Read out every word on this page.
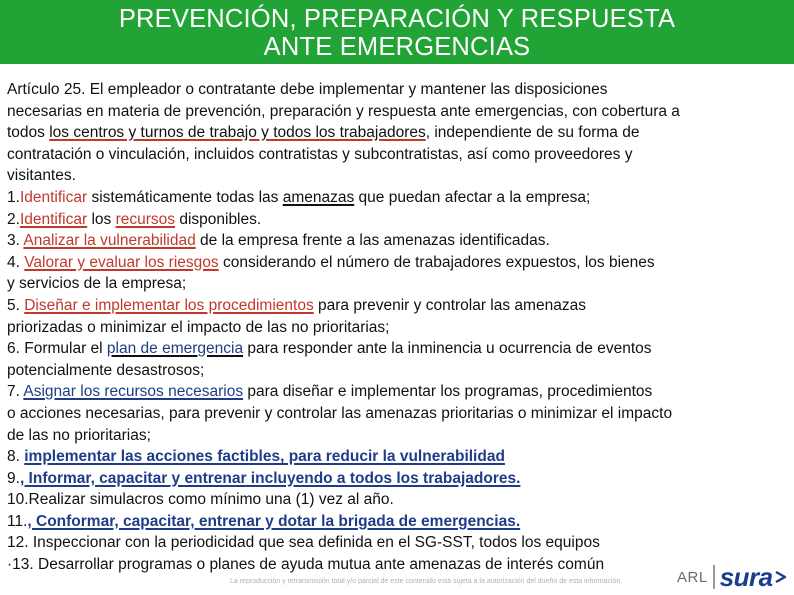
PREVENCIÓN, PREPARACIÓN Y RESPUESTA
ANTE EMERGENCIAS
Artículo 25. El empleador o contratante debe implementar y mantener las disposiciones
necesarias en materia de prevención, preparación y respuesta ante emergencias, con cobertura a
todos los centros y turnos de trabajo y todos los trabajadores, independiente de su forma de
contratación o vinculación, incluidos contratistas y subcontratistas, así como proveedores y
visitantes.
1.Identificar sistemáticamente todas las amenazas que puedan afectar a la empresa;
2.Identificar los recursos disponibles.
3. Analizar la vulnerabilidad de la empresa frente a las amenazas identificadas.
4. Valorar y evaluar los riesgos considerando el número de trabajadores expuestos, los bienes
y servicios de la empresa;
5. Diseñar e implementar los procedimientos para prevenir y controlar las amenazas
priorizadas o minimizar el impacto de las no prioritarias;
6. Formular el plan de emergencia para responder ante la inminencia u ocurrencia de eventos
potencialmente desastrosos;
7. Asignar los recursos necesarios para diseñar e implementar los programas, procedimientos
o acciones necesarias, para prevenir y controlar las amenazas prioritarias o minimizar el impacto
de las no prioritarias;
8. implementar las acciones factibles, para reducir la vulnerabilidad
9., Informar, capacitar y entrenar incluyendo a todos los trabajadores.
10.Realizar simulacros como mínimo una (1) vez al año.
11., Conformar, capacitar, entrenar y dotar la brigada de emergencias.
12. Inspeccionar con la periodicidad que sea definida en el SG-SST, todos los equipos
·13. Desarrollar programas o planes de ayuda mutua ante amenazas de interés común
La reproducción y retransmisión total y/o parcial de este contenido está sujeta a la autorización del dueño de esta información.	ARL sura
